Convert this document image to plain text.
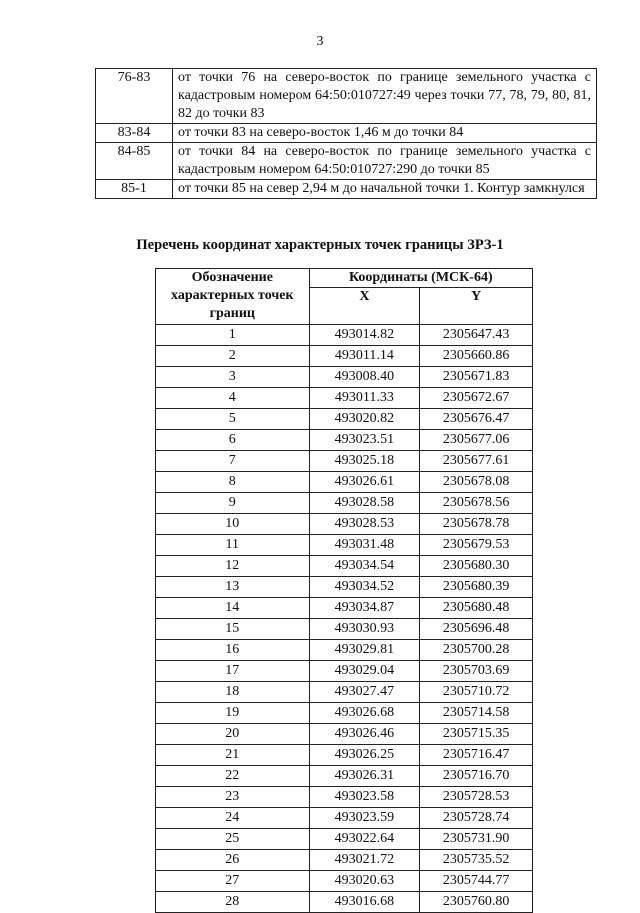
3
76-83	от точки 76 на северо-восток по границе земельного участка с кадастровым номером 64:50:010727:49 через точки 77, 78, 79, 80, 81, 82 до точки 83
83-84	от точки 83 на северо-восток 1,46 м до точки 84
84-85	от точки 84 на северо-восток по границе земельного участка с кадастровым номером 64:50:010727:290 до точки 85
85-1	от точки 85 на север 2,94 м до начальной точки 1. Контур замкнулся
Перечень координат характерных точек границы ЗРЗ-1
Обозначение характерных точек границ	Координаты (МСК-64)	
	X	Y
1	493014.82	2305647.43
2	493011.14	2305660.86
3	493008.40	2305671.83
4	493011.33	2305672.67
5	493020.82	2305676.47
6	493023.51	2305677.06
7	493025.18	2305677.61
8	493026.61	2305678.08
9	493028.58	2305678.56
10	493028.53	2305678.78
11	493031.48	2305679.53
12	493034.54	2305680.30
13	493034.52	2305680.39
14	493034.87	2305680.48
15	493030.93	2305696.48
16	493029.81	2305700.28
17	493029.04	2305703.69
18	493027.47	2305710.72
19	493026.68	2305714.58
20	493026.46	2305715.35
21	493026.25	2305716.47
22	493026.31	2305716.70
23	493023.58	2305728.53
24	493023.59	2305728.74
25	493022.64	2305731.90
26	493021.72	2305735.52
27	493020.63	2305744.77
28	493016.68	2305760.80
